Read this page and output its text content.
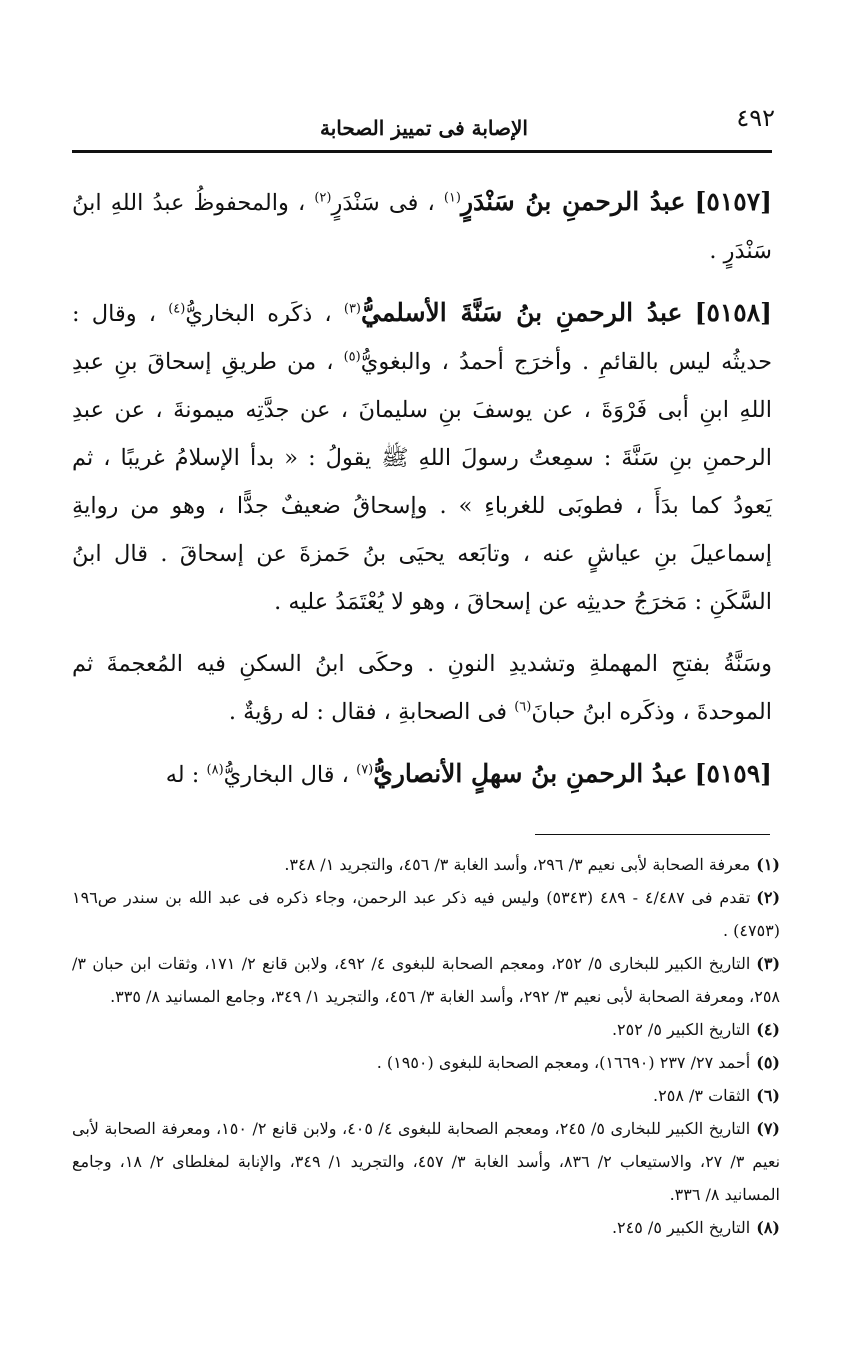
٤٩٢
الإصابة فى تمييز الصحابة

[٥١٥٧] عبدُ الرحمنِ بنُ سَنْدَرٍ$^{(١)}$ ، فى سَنْدَرٍ$^{(٢)}$ ، والمحفوظُ عبدُ اللهِ ابنُ سَنْدَرٍ .

[٥١٥٨] عبدُ الرحمنِ بنُ سَنَّةَ الأسلميُّ$^{(٣)}$ ، ذكَره البخاريُّ$^{(٤)}$ ، وقال : حديثُه ليس بالقائمِ . وأخرَج أحمدُ ، والبغويُّ$^{(٥)}$ ، من طريقِ إسحاقَ بنِ عبدِ اللهِ ابنِ أبى فَرْوَةَ ، عن يوسفَ بنِ سليمانَ ، عن جدَّتِه ميمونةَ ، عن عبدِ الرحمنِ بنِ سَنَّةَ : سمِعتُ رسولَ اللهِ ﷺ يقولُ : « بدأ الإسلامُ غريبًا ، ثم يَعودُ كما بدَأَ ، فطوبَى للغرباءِ » . وإسحاقُ ضعيفٌ جدًّا ، وهو من روايةِ إسماعيلَ بنِ عياشٍ عنه ، وتابَعه يحيَى بنُ حَمزةَ عن إسحاقَ . قال ابنُ السَّكَنِ : مَخرَجُ حديثِه عن إسحاقَ ، وهو لا يُعْتَمَدُ عليه .

وسَنَّةُ بفتحِ المهملةِ وتشديدِ النونِ . وحكَى ابنُ السكنِ فيه المُعجمةَ ثم الموحدةَ ، وذكَره ابنُ حبانَ$^{(٦)}$ فى الصحابةِ ، فقال : له رؤيةٌ .

[٥١٥٩] عبدُ الرحمنِ بنُ سهلٍ الأنصاريُّ$^{(٧)}$ ، قال البخاريُّ$^{(٨)}$ : له

(١)معرفة الصحابة لأبى نعيم ٣/ ٢٩٦، وأسد الغابة ٣/ ٤٥٦، والتجريد ١/ ٣٤٨.

(٢)تقدم فى ٤/٤٨٧ - ٤٨٩ (٥٣٤٣) وليس فيه ذكر عبد الرحمن، وجاء ذكره فى عبد الله بن سندر ص١٩٦ (٤٧٥٣) .

(٣)التاريخ الكبير للبخارى ٥/ ٢٥٢، ومعجم الصحابة للبغوى ٤/ ٤٩٢، ولابن قانع ٢/ ١٧١، وثقات ابن حبان ٣/ ٢٥٨، ومعرفة الصحابة لأبى نعيم ٣/ ٢٩٢، وأسد الغابة ٣/ ٤٥٦، والتجريد ١/ ٣٤٩، وجامع المسانيد ٨/ ٣٣٥.

(٤)التاريخ الكبير ٥/ ٢٥٢.

(٥)أحمد ٢٧/ ٢٣٧ (١٦٦٩٠)، ومعجم الصحابة للبغوى (١٩٥٠) .

(٦)الثقات ٣/ ٢٥٨.

(٧)التاريخ الكبير للبخارى ٥/ ٢٤٥، ومعجم الصحابة للبغوى ٤/ ٤٠٥، ولابن قانع ٢/ ١٥٠، ومعرفة الصحابة لأبى نعيم ٣/ ٢٧، والاستيعاب ٢/ ٨٣٦، وأسد الغابة ٣/ ٤٥٧، والتجريد ١/ ٣٤٩، والإنابة لمغلطاى ٢/ ١٨، وجامع المسانيد ٨/ ٣٣٦.

(٨)التاريخ الكبير ٥/ ٢٤٥.
